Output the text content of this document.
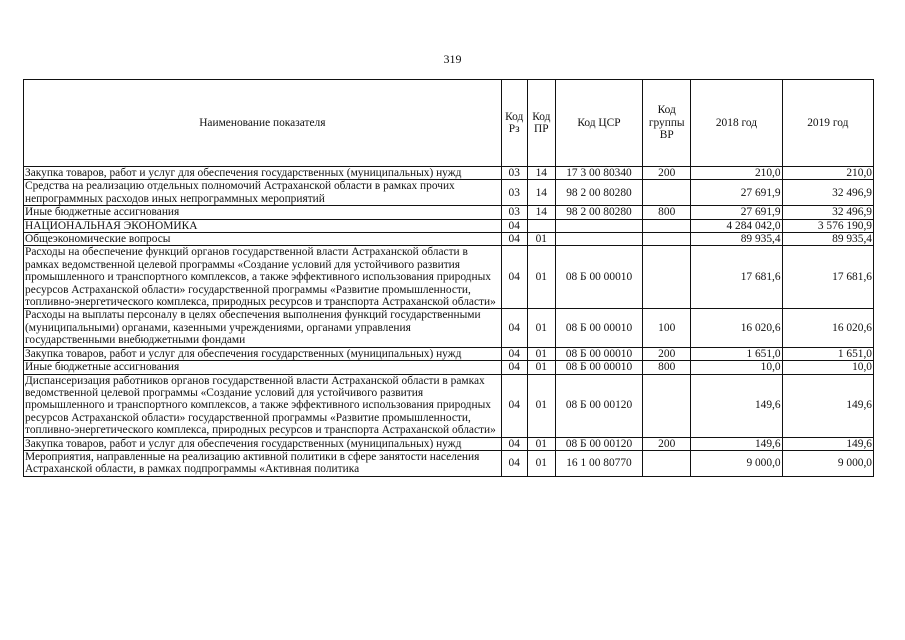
319
Наименование показателя	Код Рз	Код ПР	Код ЦСР	Код группы ВР	2018 год	2019 год
Закупка товаров, работ и услуг для обеспечения государственных (муниципальных) нужд	03	14	17 3 00 80340	200	210,0	210,0
Средства на реализацию отдельных полномочий Астраханской области в рамках прочих непрограммных расходов иных непрограммных мероприятий	03	14	98 2 00 80280		27 691,9	32 496,9
Иные бюджетные ассигнования	03	14	98 2 00 80280	800	27 691,9	32 496,9
НАЦИОНАЛЬНАЯ ЭКОНОМИКА	04				4 284 042,0	3 576 190,9
Общеэкономические вопросы	04	01			89 935,4	89 935,4
Расходы на обеспечение функций органов государственной власти Астраханской области в рамках ведомственной целевой программы «Создание условий для устойчивого развития промышленного и транспортного комплексов, а также эффективного использования природных ресурсов Астраханской области» государственной программы «Развитие промышленности, топливно-энергетического комплекса, природных ресурсов и транспорта Астраханской области»	04	01	08 Б 00 00010		17 681,6	17 681,6
Расходы на выплаты персоналу в целях обеспечения выполнения функций государственными (муниципальными) органами, казенными учреждениями, органами управления государственными внебюджетными фондами	04	01	08 Б 00 00010	100	16 020,6	16 020,6
Закупка товаров, работ и услуг для обеспечения государственных (муниципальных) нужд	04	01	08 Б 00 00010	200	1 651,0	1 651,0
Иные бюджетные ассигнования	04	01	08 Б 00 00010	800	10,0	10,0
Диспансеризация работников органов государственной власти Астраханской области в рамках ведомственной целевой программы «Создание условий для устойчивого развития промышленного и транспортного комплексов, а также эффективного использования природных ресурсов Астраханской области» государственной программы «Развитие промышленности, топливно-энергетического комплекса, природных ресурсов и транспорта Астраханской области»	04	01	08 Б 00 00120		149,6	149,6
Закупка товаров, работ и услуг для обеспечения государственных (муниципальных) нужд	04	01	08 Б 00 00120	200	149,6	149,6
Мероприятия, направленные на реализацию активной политики в сфере занятости населения Астраханской области, в рамках подпрограммы «Активная политика	04	01	16 1 00 80770		9 000,0	9 000,0
